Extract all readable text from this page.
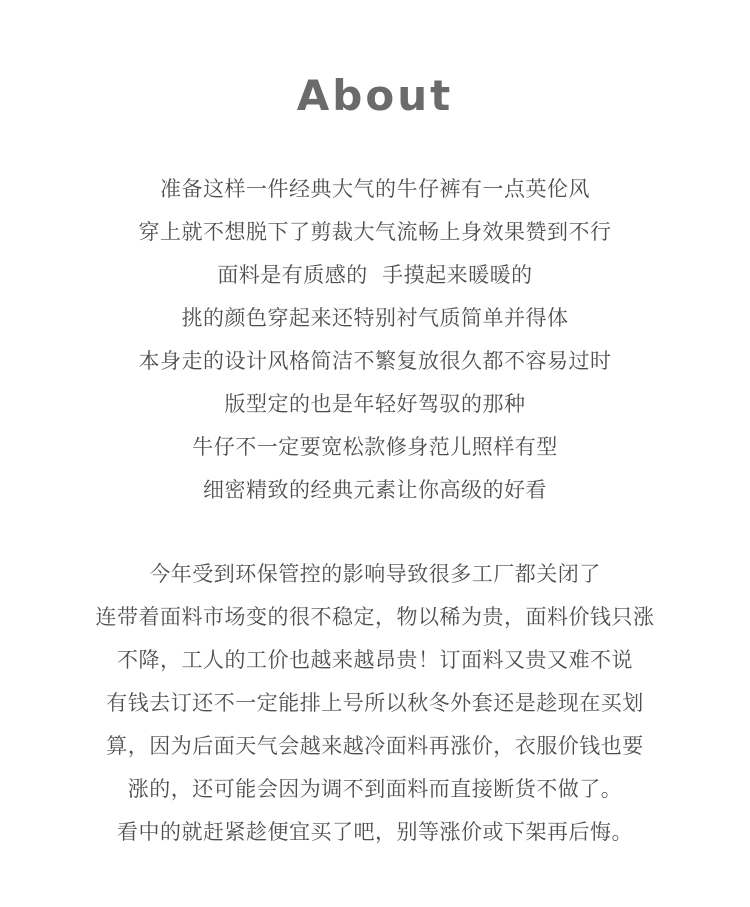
About
准备这样一件经典大气的牛仔裤有一点英伦风
穿上就不想脱下了剪裁大气流畅上身效果赞到不行
面料是有质感的  手摸起来暖暖的
挑的颜色穿起来还特别衬气质简单并得体
本身走的设计风格简洁不繁复放很久都不容易过时
版型定的也是年轻好驾驭的那种
牛仔不一定要宽松款修身范儿照样有型
细密精致的经典元素让你高级的好看
今年受到环保管控的影响导致很多工厂都关闭了
连带着面料市场变的很不稳定，物以稀为贵，面料价钱只涨
不降，工人的工价也越来越昂贵！订面料又贵又难不说
有钱去订还不一定能排上号所以秋冬外套还是趁现在买划
算，因为后面天气会越来越冷面料再涨价，衣服价钱也要
涨的，还可能会因为调不到面料而直接断货不做了。
看中的就赶紧趁便宜买了吧，别等涨价或下架再后悔。
